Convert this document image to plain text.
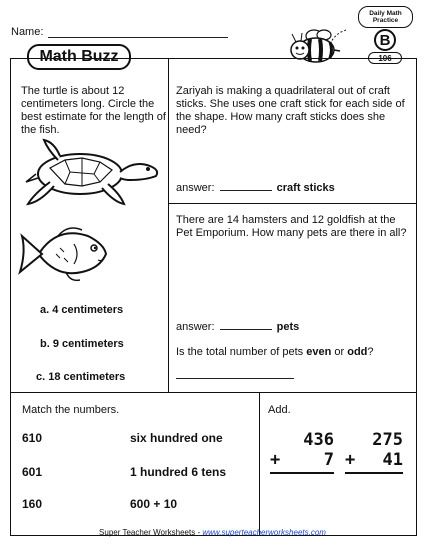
Name:
Math Buzz
Daily Math
Practice
B
106
The turtle is about 12 centimeters long. Circle the best estimate for the length of the fish.
a. 4 centimeters
b. 9 centimeters
c. 18 centimeters
Zariyah is making a quadrilateral out of craft sticks. She uses one craft stick for each side of the shape. How many craft sticks does she need?
answer:	craft sticks
There are 14 hamsters and 12 goldfish at the Pet Emporium. How many pets are there in all?
answer:	pets
Is the total number of pets even or odd?
Match the numbers.
610	six hundred one
601	1 hundred 6 tens
160	600 + 10
Add.
436
+	7
275
+ 41
Super Teacher Worksheets - www.superteacherworksheets.com
